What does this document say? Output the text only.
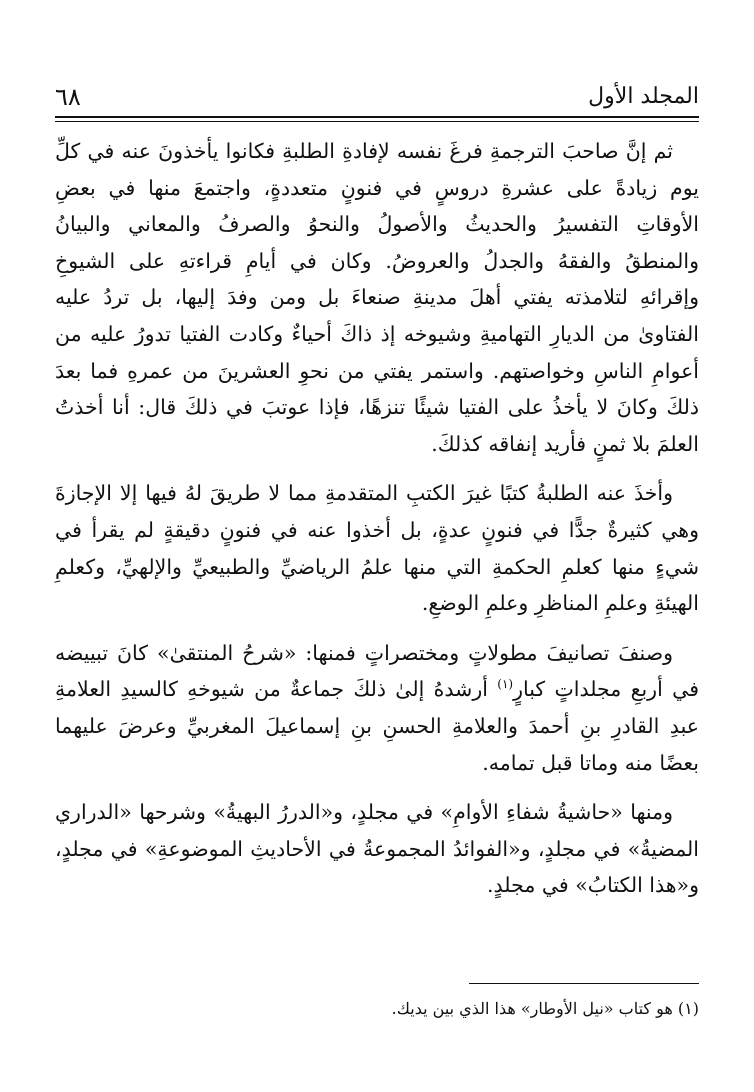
المجلد الأول
٦٨

ثم إنَّ صاحبَ الترجمةِ فرغَ نفسه لإفادةِ الطلبةِ فكانوا يأخذونَ عنه في كلِّ يوم زيادةً على عشرةِ دروسٍ في فنونٍ متعددةٍ، واجتمعَ منها في بعضِ الأوقاتِ التفسيرُ والحديثُ والأصولُ والنحوُ والصرفُ والمعاني والبيانُ والمنطقُ والفقهُ والجدلُ والعروضُ. وكان في أيامِ قراءتهِ على الشيوخِ وإقرائهِ لتلامذته يفتي أهلَ مدينةِ صنعاءَ بل ومن وفدَ إليها، بل تردُ عليه الفتاوىٰ من الديارِ التهاميةِ وشيوخه إذ ذاكَ أحياءٌ وكادت الفتيا تدورُ عليه من أعوامِ الناسِ وخواصتهم. واستمر يفتي من نحوِ العشرينَ من عمرهِ فما بعدَ ذلكَ وكانَ لا يأخذُ على الفتيا شيئًا تنزهًا، فإذا عوتبَ في ذلكَ قال: أنا أخذتُ العلمَ بلا ثمنٍ فأريد إنفاقه كذلكَ.

وأخذَ عنه الطلبةُ كتبًا غيرَ الكتبِ المتقدمةِ مما لا طريقَ لهُ فيها إلا الإجازةَ وهي كثيرةٌ جدًّا في فنونٍ عدةٍ، بل أخذوا عنه في فنونٍ دقيقةٍ لم يقرأ في شيءٍ منها كعلمِ الحكمةِ التي منها علمُ الرياضيِّ والطبيعيِّ والإلهيِّ، وكعلمِ الهيئةِ وعلمِ المناظرِ وعلمِ الوضعِ.

وصنفَ تصانيفَ مطولاتٍ ومختصراتٍ فمنها: «شرحُ المنتقىٰ» كانَ تبييضه في أربعِ مجلداتٍ كبارٍ$^{(١)}$ أرشدهُ إلىٰ ذلكَ جماعةٌ من شيوخهِ كالسيدِ العلامةِ عبدِ القادرِ بنِ أحمدَ والعلامةِ الحسنِ بنِ إسماعيلَ المغربيِّ وعرضَ عليهما بعضًا منه وماتا قبل تمامه.

ومنها «حاشيةُ شفاءِ الأوامِ» في مجلدٍ، و«الدررُ البهيةُ» وشرحها «الدراري المضيةُ» في مجلدٍ، و«الفوائدُ المجموعةُ في الأحاديثِ الموضوعةِ» في مجلدٍ، و«هذا الكتابُ» في مجلدٍ.

(١) هو كتاب «نيل الأوطار» هذا الذي بين يديك.
